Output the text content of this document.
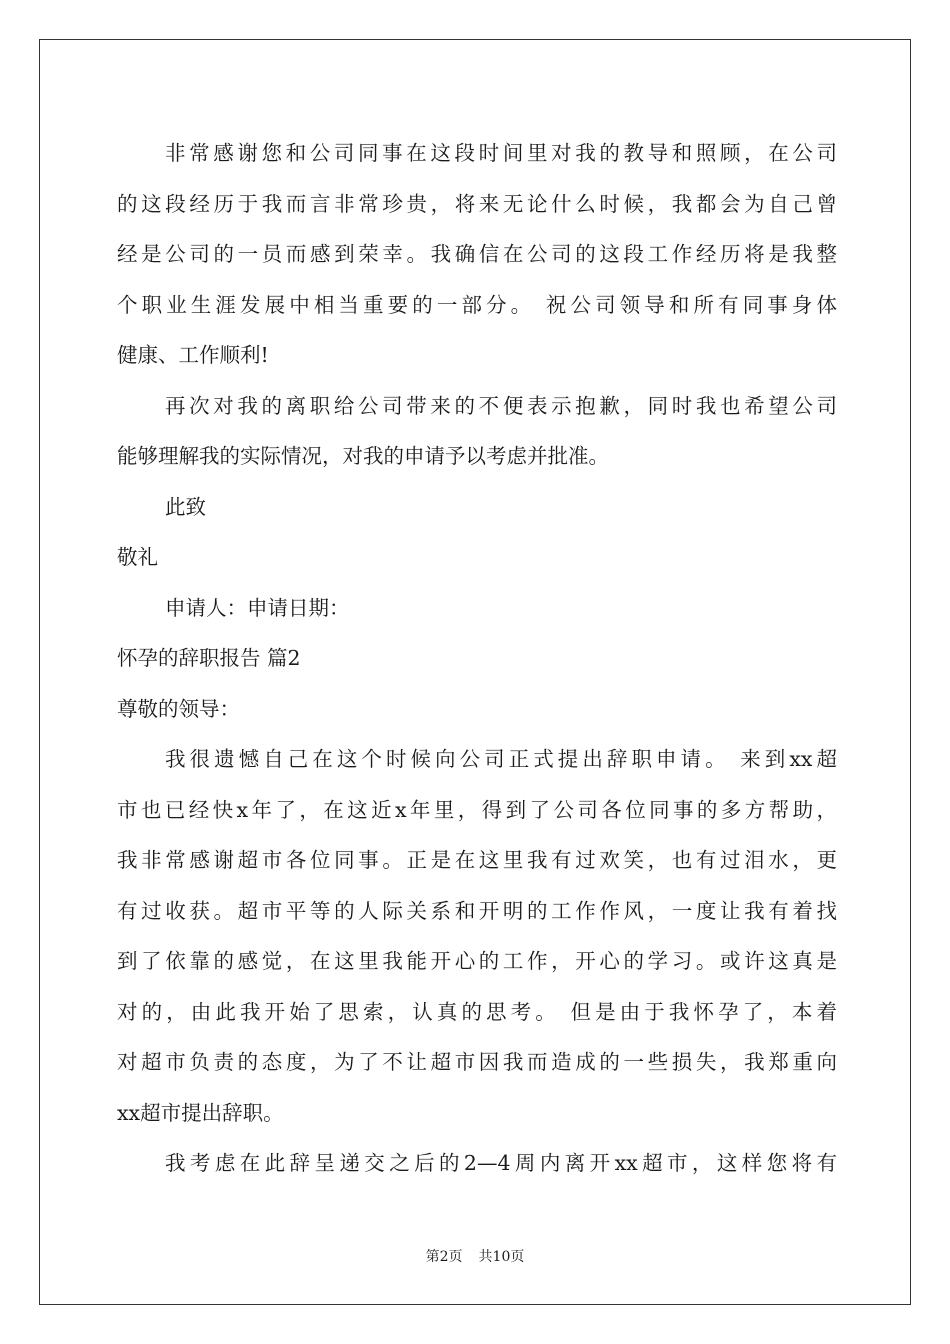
非常感谢您和公司同事在这段时间里对我的教导和照顾，在公司
的这段经历于我而言非常珍贵，将来无论什么时候，我都会为自己曾
经是公司的一员而感到荣幸。我确信在公司的这段工作经历将是我整
个职业生涯发展中相当重要的一部分。 祝公司领导和所有同事身体
健康、工作顺利!
再次对我的离职给公司带来的不便表示抱歉，同时我也希望公司
能够理解我的实际情况，对我的申请予以考虑并批准。
此致
敬礼
申请人：申请日期：
怀孕的辞职报告 篇2
尊敬的领导：
我很遗憾自己在这个时候向公司正式提出辞职申请。 来到xx超
市也已经快x年了，在这近x年里，得到了公司各位同事的多方帮助，
我非常感谢超市各位同事。正是在这里我有过欢笑，也有过泪水，更
有过收获。超市平等的人际关系和开明的工作作风，一度让我有着找
到了依靠的感觉，在这里我能开心的工作，开心的学习。或许这真是
对的，由此我开始了思索，认真的思考。 但是由于我怀孕了，本着
对超市负责的态度，为了不让超市因我而造成的一些损失，我郑重向
xx超市提出辞职。
我考虑在此辞呈递交之后的2—4周内离开xx超市，这样您将有
第2页 共10页
